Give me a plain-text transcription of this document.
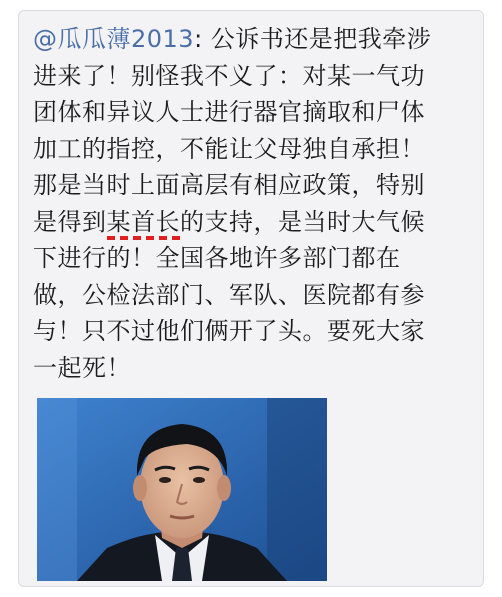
@瓜瓜薄2013: 公诉书还是把我牵涉
进来了！别怪我不义了：对某一气功
团体和异议人士进行器官摘取和尸体
加工的指控，不能让父母独自承担！
那是当时上面高层有相应政策，特别
是得到某首长的支持，是当时大气候
下进行的！全国各地许多部门都在
做，公检法部门、军队、医院都有参
与！只不过他们俩开了头。要死大家
一起死！
